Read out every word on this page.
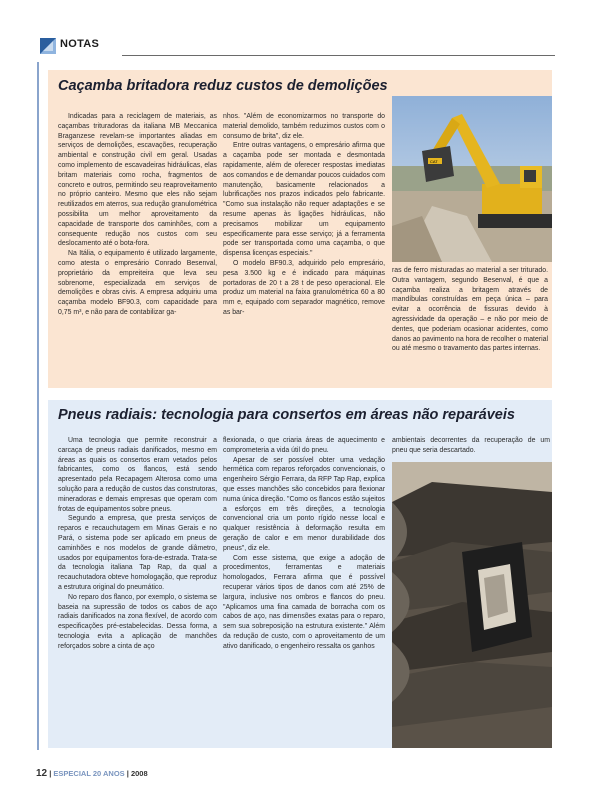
NOTAS
Caçamba britadora reduz custos de demolições

Indicadas para a reciclagem de materiais, as caçambas trituradoras da italiana MB Meccanica Braganzese revelam-se importantes aliadas em serviços de demolições, escavações, recuperação ambiental e construção civil em geral. Usadas como implemento de escavadeiras hidráulicas, elas britam materiais como rocha, fragmentos de concreto e outros, permitindo seu reaproveitamento no próprio canteiro. Mesmo que eles não sejam reutilizados em aterros, sua redução granulométrica possibilita um melhor aproveitamento da capacidade de transporte dos caminhões, com a consequente redução nos custos com seu deslocamento até o bota-fora.

Na Itália, o equipamento é utilizado largamente, como atesta o empresário Conrado Besenval, proprietário da empreiteira que leva seu sobrenome, especializada em serviços de demolições e obras civis. A empresa adquiriu uma caçamba modelo BF90.3, com capacidade para 0,75 m³, e não para de contabilizar ga-

nhos. "Além de economizarmos no transporte do material demolido, também reduzimos custos com o consumo de brita", diz ele.

Entre outras vantagens, o empresário afirma que a caçamba pode ser montada e desmontada rapidamente, além de oferecer respostas imediatas aos comandos e de demandar poucos cuidados com manutenção, basicamente relacionados a lubrificações nos prazos indicados pelo fabricante. "Como sua instalação não requer adaptações e se resume apenas às ligações hidráulicas, não precisamos mobilizar um equipamento especificamente para esse serviço; já a ferramenta pode ser transportada como uma caçamba, o que dispensa licenças especiais."

O modelo BF90.3, adquirido pelo empresário, pesa 3.500 kg e é indicado para máquinas portadoras de 20 t a 28 t de peso operacional. Ele produz um material na faixa granulométrica 60 a 80 mm e, equipado com separador magnético, remove as bar-

CAT

ras de ferro misturadas ao material a ser triturado. Outra vantagem, segundo Besenval, é que a caçamba realiza a britagem através de mandíbulas construídas em peça única – para evitar a ocorrência de fissuras devido à agressividade da operação – e não por meio de dentes, que poderiam ocasionar acidentes, como danos ao pavimento na hora de recolher o material ou até mesmo o travamento das partes internas.

Pneus radiais: tecnologia para consertos em áreas não reparáveis

Uma tecnologia que permite reconstruir a carcaça de pneus radiais danificados, mesmo em áreas as quais os consertos eram vetados pelos fabricantes, como os flancos, está sendo apresentado pela Recapagem Alterosa como uma solução para a redução de custos das construtoras, mineradoras e demais empresas que operam com frotas de equipamentos sobre pneus.

Segundo a empresa, que presta serviços de reparos e recauchutagem em Minas Gerais e no Pará, o sistema pode ser aplicado em pneus de caminhões e nos modelos de grande diâmetro, usados por equipamentos fora-de-estrada. Trata-se da tecnologia italiana Tap Rap, da qual a recauchutadora obteve homologação, que reproduz a estrutura original do pneumático.

No reparo dos flanco, por exemplo, o sistema se baseia na supressão de todos os cabos de aço radiais danificados na zona flexível, de acordo com especificações pré-estabelecidas. Dessa forma, a tecnologia evita a aplicação de manchões reforçados sobre a cinta de aço

flexionada, o que criaria áreas de aquecimento e comprometeria a vida útil do pneu.

Apesar de ser possível obter uma vedação hermética com reparos reforçados convencionais, o engenheiro Sérgio Ferrara, da RFP Tap Rap, explica que esses manchões são concebidos para flexionar numa única direção. "Como os flancos estão sujeitos a esforços em três direções, a tecnologia convencional cria um ponto rígido nesse local e qualquer resistência à deformação resulta em geração de calor e em menor durabilidade dos pneus", diz ele.

Com esse sistema, que exige a adoção de procedimentos, ferramentas e materiais homologados, Ferrara afirma que é possível recuperar vários tipos de danos com até 25% de largura, inclusive nos ombros e flancos do pneu. "Aplicamos uma fina camada de borracha com os cabos de aço, nas dimensões exatas para o reparo, sem sua sobreposição na estrutura existente." Além da redução de custo, com o aproveitamento de um ativo danificado, o engenheiro ressalta os ganhos

ambientais decorrentes da recuperação de um pneu que seria descartado.

12 | ESPECIAL 20 ANOS | 2008
